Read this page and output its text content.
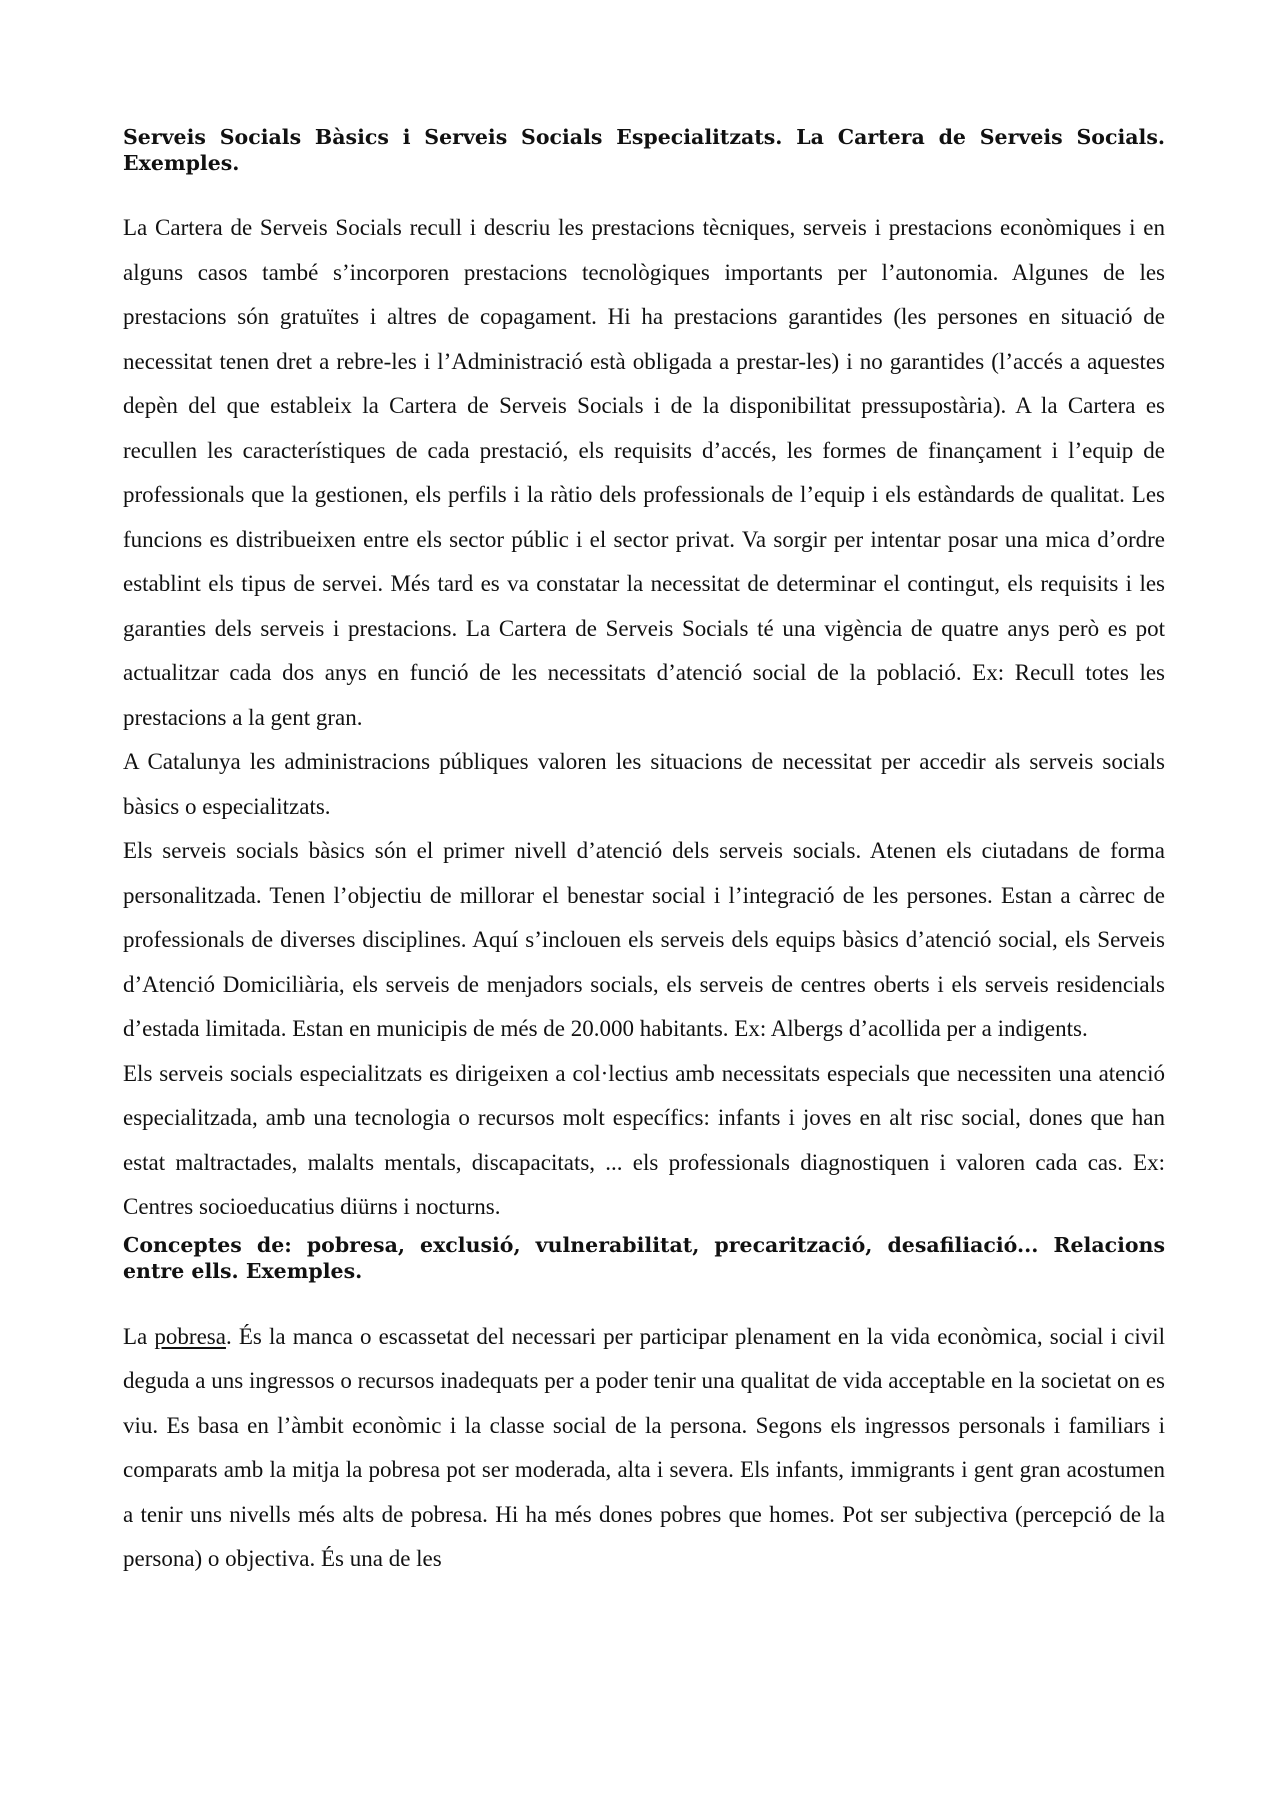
Serveis Socials Bàsics i Serveis Socials Especialitzats. La Cartera de Serveis Socials. Exemples.

La Cartera de Serveis Socials recull i descriu les prestacions tècniques, serveis i prestacions econòmiques i en alguns casos també s’incorporen prestacions tecnològiques importants per l’autonomia. Algunes de les prestacions són gratuïtes i altres de copagament. Hi ha prestacions garantides (les persones en situació de necessitat tenen dret a rebre-les i l’Administració està obligada a prestar-les) i no garantides (l’accés a aquestes depèn del que estableix la Cartera de Serveis Socials i de la disponibilitat pressupostària). A la Cartera es recullen les característiques de cada prestació, els requisits d’accés, les formes de finançament i l’equip de professionals que la gestionen, els perfils i la ràtio dels professionals de l’equip i els estàndards de qualitat. Les funcions es distribueixen entre els sector públic i el sector privat. Va sorgir per intentar posar una mica d’ordre establint els tipus de servei. Més tard es va constatar la necessitat de determinar el contingut, els requisits i les garanties dels serveis i prestacions. La Cartera de Serveis Socials té una vigència de quatre anys però es pot actualitzar cada dos anys en funció de les necessitats d’atenció social de la població. Ex: Recull totes les prestacions a la gent gran.

A Catalunya les administracions públiques valoren les situacions de necessitat per accedir als serveis socials bàsics o especialitzats.

Els serveis socials bàsics són el primer nivell d’atenció dels serveis socials. Atenen els ciutadans de forma personalitzada. Tenen l’objectiu de millorar el benestar social i l’integració de les persones. Estan a càrrec de professionals de diverses disciplines. Aquí s’inclouen els serveis dels equips bàsics d’atenció social, els Serveis d’Atenció Domiciliària, els serveis de menjadors socials, els serveis de centres oberts i els serveis residencials d’estada limitada. Estan en municipis de més de 20.000 habitants. Ex: Albergs d’acollida per a indigents.

Els serveis socials especialitzats es dirigeixen a col·lectius amb necessitats especials que necessiten una atenció especialitzada, amb una tecnologia o recursos molt específics: infants i joves en alt risc social, dones que han estat maltractades, malalts mentals, discapacitats, ... els professionals diagnostiquen i valoren cada cas. Ex: Centres socioeducatius diürns i nocturns.

Conceptes de: pobresa, exclusió, vulnerabilitat, precarització, desafiliació... Relacions entre ells. Exemples.

La pobresa. És la manca o escassetat del necessari per participar plenament en la vida econòmica, social i civil deguda a uns ingressos o recursos inadequats per a poder tenir una qualitat de vida acceptable en la societat on es viu. Es basa en l’àmbit econòmic i la classe social de la persona. Segons els ingressos personals i familiars i comparats amb la mitja la pobresa pot ser moderada, alta i severa. Els infants, immigrants i gent gran acostumen a tenir uns nivells més alts de pobresa. Hi ha més dones pobres que homes. Pot ser subjectiva (percepció de la persona) o objectiva. És una de les
